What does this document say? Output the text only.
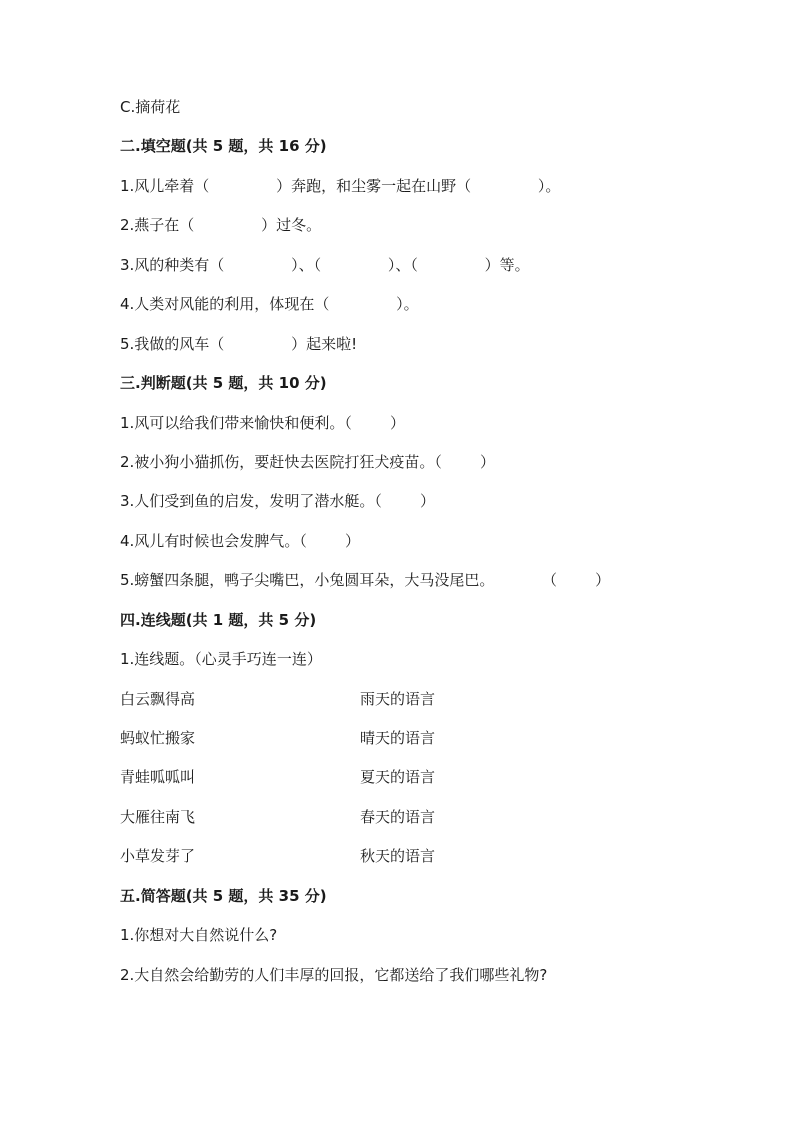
C.摘荷花
二.填空题(共 5 题，共 16 分)
1.风儿牵着（              ）奔跑，和尘雾一起在山野（              ）。
2.燕子在（              ）过冬。
3.风的种类有（              ）、（              ）、（              ）等。
4.人类对风能的利用，体现在（              ）。
5.我做的风车（              ）起来啦!
三.判断题(共 5 题，共 10 分)
1.风可以给我们带来愉快和便利。（        ）
2.被小狗小猫抓伤，要赶快去医院打狂犬疫苗。（        ）
3.人们受到鱼的启发，发明了潜水艇。（        ）
4.风儿有时候也会发脾气。（        ）
5.螃蟹四条腿，鸭子尖嘴巴，小兔圆耳朵，大马没尾巴。          （        ）
四.连线题(共 1 题，共 5 分)
1.连线题。（心灵手巧连一连）
白云飘得高	雨天的语言
蚂蚁忙搬家	晴天的语言
青蛙呱呱叫	夏天的语言
大雁往南飞	春天的语言
小草发芽了	秋天的语言
五.简答题(共 5 题，共 35 分)
1.你想对大自然说什么?
2.大自然会给勤劳的人们丰厚的回报，它都送给了我们哪些礼物?
